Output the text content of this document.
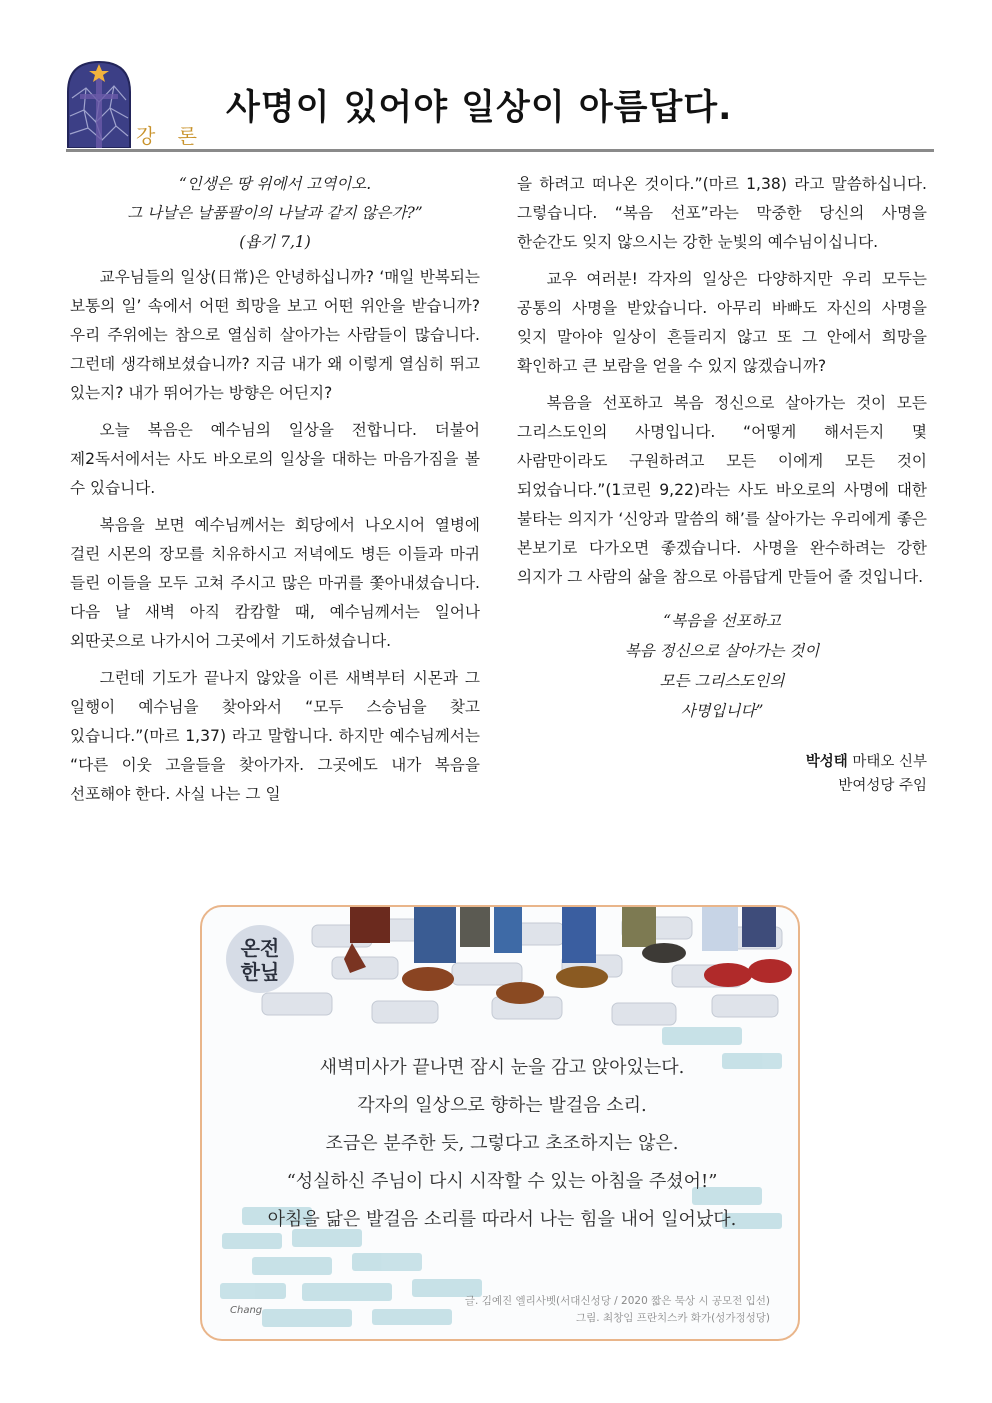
강 론
사명이 있어야 일상이 아름답다.
“인생은 땅 위에서 고역이오.
그 나날은 날품팔이의 나날과 같지 않은가?”
(욥기 7,1)

교우님들의 일상(日常)은 안녕하십니까? ‘매일 반복되는 보통의 일’ 속에서 어떤 희망을 보고 어떤 위안을 받습니까? 우리 주위에는 참으로 열심히 살아가는 사람들이 많습니다. 그런데 생각해보셨습니까? 지금 내가 왜 이렇게 열심히 뛰고 있는지? 내가 뛰어가는 방향은 어딘지?

오늘 복음은 예수님의 일상을 전합니다. 더불어 제2독서에서는 사도 바오로의 일상을 대하는 마음가짐을 볼 수 있습니다.

복음을 보면 예수님께서는 회당에서 나오시어 열병에 걸린 시몬의 장모를 치유하시고 저녁에도 병든 이들과 마귀 들린 이들을 모두 고쳐 주시고 많은 마귀를 쫓아내셨습니다. 다음 날 새벽 아직 캄캄할 때, 예수님께서는 일어나 외딴곳으로 나가시어 그곳에서 기도하셨습니다.

그런데 기도가 끝나지 않았을 이른 새벽부터 시몬과 그 일행이 예수님을 찾아와서 “모두 스승님을 찾고 있습니다.”(마르 1,37) 라고 말합니다. 하지만 예수님께서는 “다른 이웃 고을들을 찾아가자. 그곳에도 내가 복음을 선포해야 한다. 사실 나는 그 일

을 하려고 떠나온 것이다.”(마르 1,38) 라고 말씀하십니다. 그렇습니다. “복음 선포”라는 막중한 당신의 사명을 한순간도 잊지 않으시는 강한 눈빛의 예수님이십니다.

교우 여러분! 각자의 일상은 다양하지만 우리 모두는 공통의 사명을 받았습니다. 아무리 바빠도 자신의 사명을 잊지 말아야 일상이 흔들리지 않고 또 그 안에서 희망을 확인하고 큰 보람을 얻을 수 있지 않겠습니까?

복음을 선포하고 복음 정신으로 살아가는 것이 모든 그리스도인의 사명입니다. “어떻게 해서든지 몇 사람만이라도 구원하려고 모든 이에게 모든 것이 되었습니다.”(1코린 9,22)라는 사도 바오로의 사명에 대한 불타는 의지가 ‘신앙과 말씀의 해’를 살아가는 우리에게 좋은 본보기로 다가오면 좋겠습니다. 사명을 완수하려는 강한 의지가 그 사람의 삶을 참으로 아름답게 만들어 줄 것입니다.

“복음을 선포하고
복음 정신으로 살아가는 것이
모든 그리스도인의
사명입니다”
박성태 마태오 신부
반여성당 주임
온전
한닢
새벽미사가 끝나면 잠시 눈을 감고 앉아있는다.
각자의 일상으로 향하는 발걸음 소리.
조금은 분주한 듯, 그렇다고 초조하지는 않은.
“성실하신 주님이 다시 시작할 수 있는 아침을 주셨어!”
아침을 닮은 발걸음 소리를 따라서 나는 힘을 내어 일어났다.
글. 김예진 엘리사벳(서대신성당 / 2020 짧은 묵상 시 공모전 입선)
그림. 최창임 프란치스카 화가(성가정성당)
Chang
